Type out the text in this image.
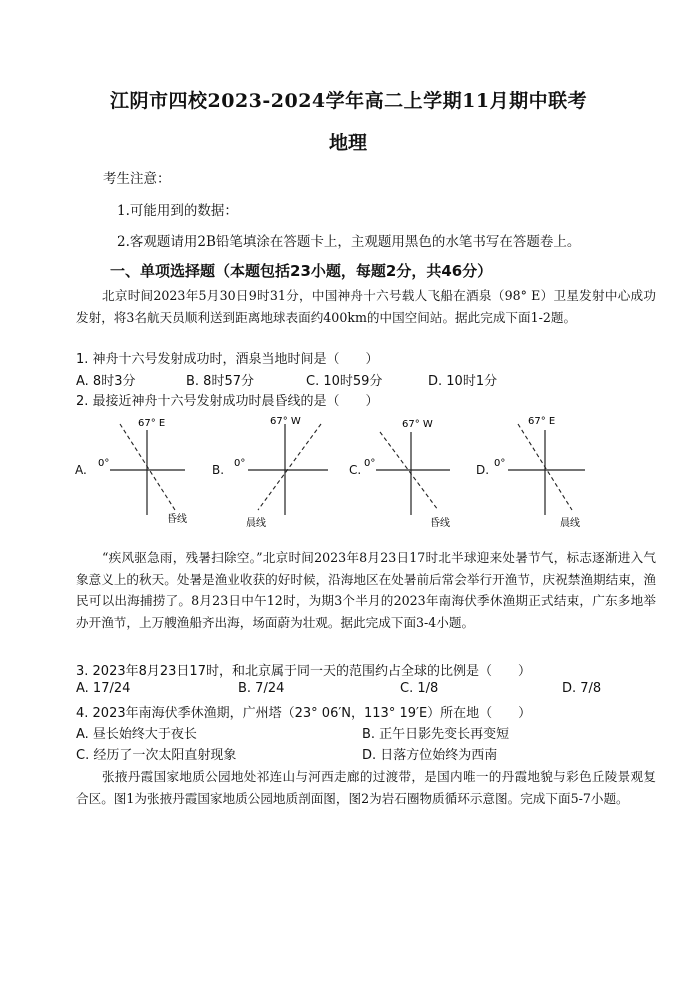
江阴市四校2023-2024学年高二上学期11月期中联考
地理
考生注意：
1.可能用到的数据：
2.客观题请用2B铅笔填涂在答题卡上，主观题用黑色的水笔书写在答题卷上。
一、单项选择题（本题包括23小题，每题2分，共46分）
北京时间2023年5月30日9时31分，中国神舟十六号载人飞船在酒泉（98° E）卫星发射中心成功发射，将3名航天员顺利送到距离地球表面约400km的中国空间站。据此完成下面1-2题。
1. 神舟十六号发射成功时，酒泉当地时间是（　　）
A. 8时3分	B. 8时57分	C. 10时59分	D. 10时1分
2. 最接近神舟十六号发射成功时晨昏线的是（　　）
A.
67° E
0°
昏线
B.
67° W
0°
晨线
C.
67° W
0°
昏线
D.
67° E
0°
晨线
“疾风驱急雨，残暑扫除空。”北京时间2023年8月23日17时北半球迎来处暑节气，标志逐渐进入气象意义上的秋天。处暑是渔业收获的好时候，沿海地区在处暑前后常会举行开渔节，庆祝禁渔期结束，渔民可以出海捕捞了。8月23日中午12时，为期3个半月的2023年南海伏季休渔期正式结束，广东多地举办开渔节，上万艘渔船齐出海，场面蔚为壮观。据此完成下面3-4小题。
3. 2023年8月23日17时，和北京属于同一天的范围约占全球的比例是（　　）
A. 17/24	B. 7/24	C. 1/8	D. 7/8
4. 2023年南海伏季休渔期，广州塔（23° 06′N，113° 19′E）所在地（　　）
A. 昼长始终大于夜长	B. 正午日影先变长再变短
C. 经历了一次太阳直射现象	D. 日落方位始终为西南
张掖丹霞国家地质公园地处祁连山与河西走廊的过渡带，是国内唯一的丹霞地貌与彩色丘陵景观复合区。图1为张掖丹霞国家地质公园地质剖面图，图2为岩石圈物质循环示意图。完成下面5-7小题。
